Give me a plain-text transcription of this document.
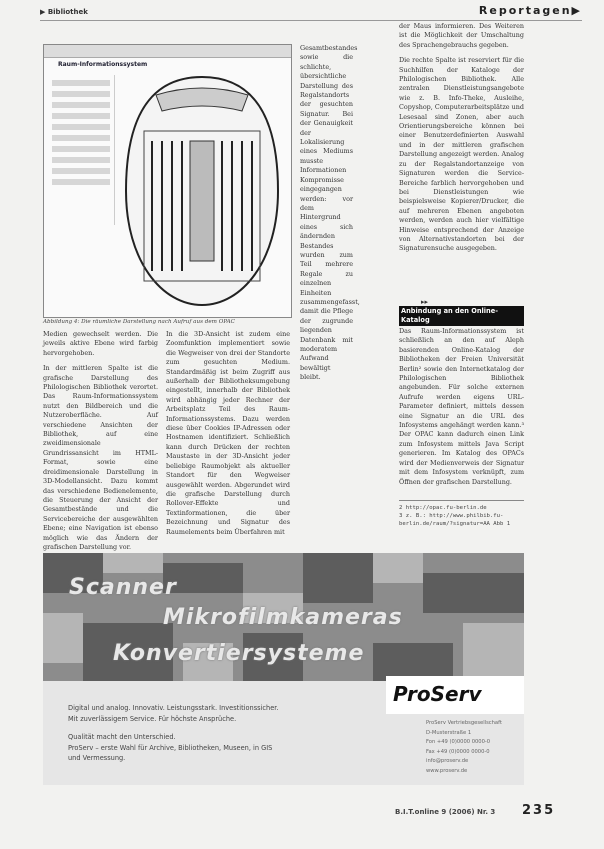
▶ Bibliothek	Reportagen▶
Raum-Informationssystem
Abbildung 4: Die räumliche Darstellung nach Aufruf aus dem OPAC

Gesamtbestandes sowie die schlichte, übersichtliche Darstellung des Regalstandorts der gesuchten Signatur. Bei der Genauigkeit der Lokalisierung eines Mediums musste Informationen Kompromisse eingegangen werden: vor dem Hintergrund eines sich ändernden Bestandes wurden zum Teil mehrere Regale zu einzelnen Einheiten zusammengefasst, damit die Pflege der zugrunde liegenden Datenbank mit moderatem Aufwand bewältigt bleibt.

Medien gewechselt werden. Die jeweils aktive Ebene wird farbig hervorgehoben.

In der mittleren Spalte ist die grafische Darstellung des Philologischen Bibliothek verortet. Das Raum-Informationssystem nutzt den Bildbereich und die Nutzeroberfläche. Auf verschiedene Ansichten der Bibliothek, auf eine zweidimensionale Grundrissansicht im HTML-Format, sowie eine dreidimensionale Darstellung in 3D-Modellansicht. Dazu kommt das verschiedene Bedienelemente, die Steuerung der Ansicht der Gesamtbestände und die Servicebereiche der ausgewählten Ebene; eine Navigation ist ebenso möglich wie das Ändern der grafischen Darstellung vor.

In die 3D-Ansicht ist zudem eine Zoomfunktion implementiert sowie die Wegweiser von drei der Standorte zum gesuchten Medium. Standardmäßig ist beim Zugriff aus außerhalb der Bibliotheksumgebung eingestellt, innerhalb der Bibliothek wird abhängig jeder Rechner der Arbeitsplatz Teil des Raum-Informationssystems. Dazu werden diese über Cookies IP-Adressen oder Hostnamen identifiziert. Schließlich kann durch Drücken der rechten Maustaste in der 3D-Ansicht jeder beliebige Raumobjekt als aktueller Standort für den Wegweiser ausgewählt werden. Abgerundet wird die grafische Darstellung durch Rollover-Effekte und Textinformationen, die über Bezeichnung und Signatur des Raumelements beim Überfahren mit

der Maus informieren. Des Weiteren ist die Möglichkeit der Umschaltung des Sprachengebrauchs gegeben.

Die rechte Spalte ist reserviert für die Suchhilfen der Kataloge der Philologischen Bibliothek. Alle zentralen Dienstleistungsangebote wie z. B. Info-Theke, Ausleihe, Copyshop, Computerarbeitsplätze und Lesesaal sind Zonen, aber auch Orientierungsbereiche können bei einer Benutzerdefinierten Auswahl und in der mittleren grafischen Darstellung angezeigt werden. Analog zu der Regalstandortanzeige von Signaturen werden die Service-Bereiche farblich hervorgehoben und bei Dienstleistungen wie beispielsweise Kopierer/Drucker, die auf mehreren Ebenen angeboten werden, werden auch hier vielfältige Hinweise entsprechend der Anzeige von Alternativstandorten bei der Signaturensuche ausgegeben.

▸▸
Anbindung an den Online-Katalog

Das Raum-Informationssystem ist schließlich an den auf Aleph basierenden Online-Katalog der Bibliotheken der Freien Universität Berlin² sowie den Internetkatalog der Philologischen Bibliothek angebunden. Für solche externen Aufrufe werden eigens URL-Parameter definiert, mittels dessen eine Signatur an die URL des Infosystems angehängt werden kann.³ Der OPAC kann dadurch einen Link zum Infosystem mittels Java Script generieren. Im Katalog des OPACs wird der Medienverweis der Signatur mit dem Infosystem verknüpft, zum Öffnen der grafischen Darstellung.

2 http://opac.fu-berlin.de
3 z. B.: http://www.philbib.fu-berlin.de/raum/?signatur=AA Abb 1
Scanner
Mikrofilmkameras
Konvertiersysteme
ProServ

Digital und analog. Innovativ. Leistungsstark. Investitionssicher.
Mit zuverlässigem Service. Für höchste Ansprüche.

Qualität macht den Unterschied.
ProServ – erste Wahl für Archive, Bibliotheken, Museen, in GIS
und Vermessung.

ProServ Vertriebsgesellschaft
D-Musterstraße 1
Fon +49 (0)0000 0000-0
Fax +49 (0)0000 0000-0
info@proserv.de
www.proserv.de
B.I.T.online 9 (2006) Nr. 3 235
